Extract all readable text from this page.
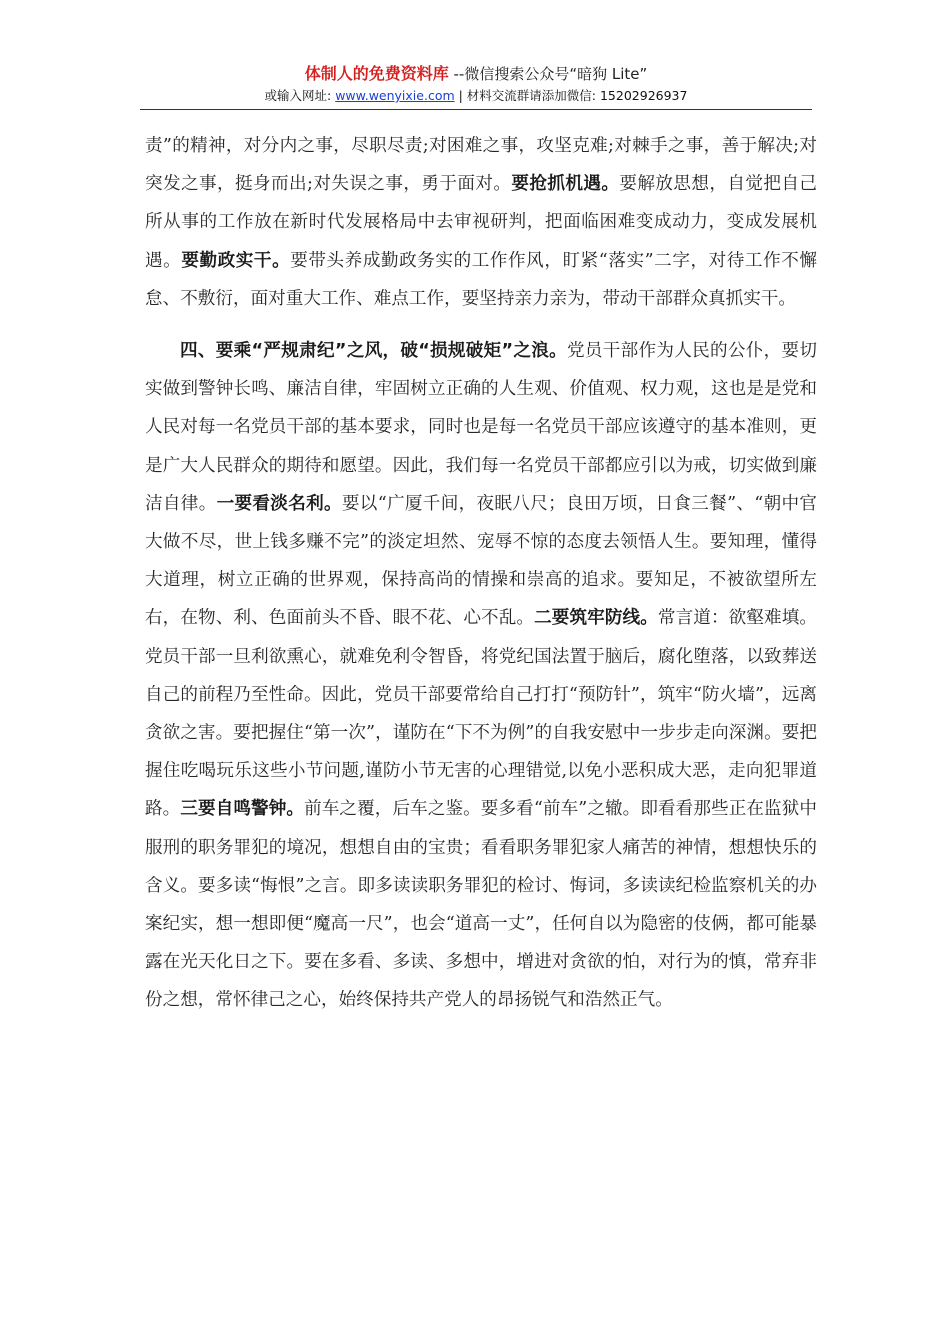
体制人的免费资料库 --微信搜索公众号“暗狗 Lite”
或输入网址: www.wenyixie.com | 材料交流群请添加微信: 15202926937

责”的精神，对分内之事，尽职尽责;对困难之事，攻坚克难;对棘手之事，善于解决;对突发之事，挺身而出;对失误之事，勇于面对。要抢抓机遇。要解放思想，自觉把自己所从事的工作放在新时代发展格局中去审视研判，把面临困难变成动力，变成发展机遇。要勤政实干。要带头养成勤政务实的工作作风，盯紧“落实”二字，对待工作不懈怠、不敷衍，面对重大工作、难点工作，要坚持亲力亲为，带动干部群众真抓实干。

四、要乘“严规肃纪”之风，破“损规破矩”之浪。党员干部作为人民的公仆，要切实做到警钟长鸣、廉洁自律，牢固树立正确的人生观、价值观、权力观，这也是是党和人民对每一名党员干部的基本要求，同时也是每一名党员干部应该遵守的基本准则，更是广大人民群众的期待和愿望。因此，我们每一名党员干部都应引以为戒，切实做到廉洁自律。一要看淡名利。要以“广厦千间，夜眠八尺；良田万顷，日食三餐”、“朝中官大做不尽，世上钱多赚不完”的淡定坦然、宠辱不惊的态度去领悟人生。要知理，懂得大道理，树立正确的世界观，保持高尚的情操和崇高的追求。要知足，不被欲望所左右，在物、利、色面前头不昏、眼不花、心不乱。二要筑牢防线。常言道：欲壑难填。党员干部一旦利欲熏心，就难免利令智昏，将党纪国法置于脑后，腐化堕落，以致葬送自己的前程乃至性命。因此，党员干部要常给自己打打“预防针”，筑牢“防火墙”，远离贪欲之害。要把握住“第一次”，谨防在“下不为例”的自我安慰中一步步走向深渊。要把握住吃喝玩乐这些小节问题,谨防小节无害的心理错觉,以免小恶积成大恶，走向犯罪道路。三要自鸣警钟。前车之覆，后车之鉴。要多看“前车”之辙。即看看那些正在监狱中服刑的职务罪犯的境况，想想自由的宝贵；看看职务罪犯家人痛苦的神情，想想快乐的含义。要多读“悔恨”之言。即多读读职务罪犯的检讨、悔词，多读读纪检监察机关的办案纪实，想一想即便“魔高一尺”，也会“道高一丈”，任何自以为隐密的伎俩，都可能暴露在光天化日之下。要在多看、多读、多想中，增进对贪欲的怕，对行为的慎，常弃非份之想，常怀律己之心，始终保持共产党人的昂扬锐气和浩然正气。
